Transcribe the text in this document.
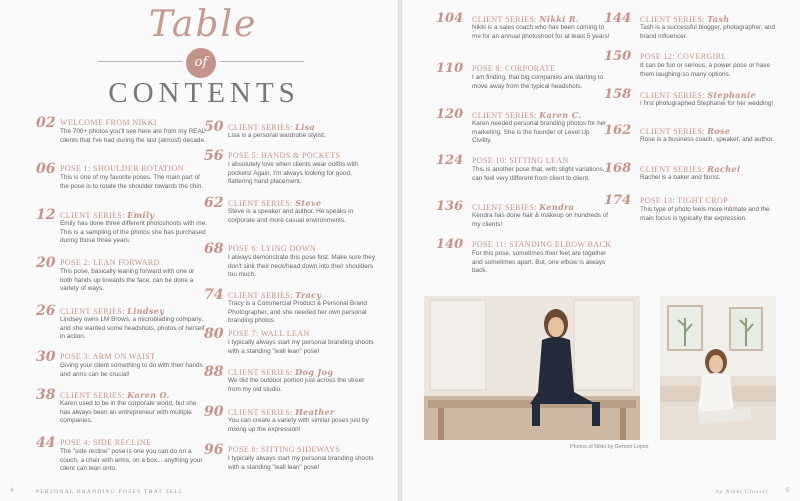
Table
of
CONTENTS
02 WELCOME FROM NIKKI
The 700+ photos you'll see here are from my REAL clients that I've had during the last (almost) decade.
06 POSE 1: SHOULDER ROTATION
This is one of my favorite poses. The main part of the pose is to rotate the shoulder towards the chin.
12 CLIENT SERIES: Emily
Emily has done three different photoshoots with me. This is a sampling of the photos she has purchased during those three years.
20 POSE 2: LEAN FORWARD
This pose, basically leaning forward with one or both hands up towards the face, can be done a variety of ways.
26 CLIENT SERIES: Lindsey
Lindsey owns LM Brows, a microblading company, and she wanted some headshots, photos of herself in action.
30 POSE 3: ARM ON WAIST
Giving your client something to do with their hands and arms can be crucial!
38 CLIENT SERIES: Karen O.
Karen used to be in the corporate world, but she has always been an entrepreneur with multiple companies.
44 POSE 4: SIDE RECLINE
The "side recline" pose is one you can do on a couch, a chair with arms, on a box... anything your client can lean onto.
50 CLIENT SERIES: Lisa
Lisa is a personal wardrobe stylist.
56 POSE 5: HANDS & POCKETS
I absolutely love when clients wear outfits with pockets! Again, I'm always looking for good, flattering hand placement.
62 CLIENT SERIES: Steve
Steve is a speaker and author. He speaks in corporate and more casual environments.
68 POSE 6: LYING DOWN
I always demonstrate this pose first. Make sure they don't sink their neck/head down into their shoulders too much.
74 CLIENT SERIES: Tracy
Tracy is a Commercial Product & Personal Brand Photographer, and she needed her own personal branding photos.
80 POSE 7: WALL LEAN
I typically always start my personal branding shoots with a standing "wall lean" pose!
88 CLIENT SERIES: Dog Jog
We did the outdoor portion just across the street from my old studio.
90 CLIENT SERIES: Heather
You can create a variety with similar poses just by mixing up the expression!
96 POSE 8: SITTING SIDEWAYS
I typically always start my personal branding shoots with a standing "wall lean" pose!
4	PERSONAL BRANDING POSES THAT SELL
104 CLIENT SERIES: Nikki R.
Nikki is a sales coach who has been coming to me for an annual photoshoot for at least 5 years!
110 POSE 9: CORPORATE
I am finding, that big companies are starting to move away from the typical headshots.
120 CLIENT SERIES: Karen C.
Karen needed personal branding photos for her marketing. She is the founder of Level Up Civility.
124 POSE 10: SITTING LEAN
This is another pose that, with slight variations, can feel very different from client to client.
136 CLIENT SERIES: Kendra
Kendra has done hair & makeup on hundreds of my clients!
140 POSE 11: STANDING ELBOW BACK
For this pose, sometimes their feet are together and sometimes apart. But, one elbow is always back.
144 CLIENT SERIES: Tash
Tash is a successful blogger, photographer, and brand influencer.
150 POSE 12: COVERGIRL
It can be fun or serious, a power pose or have them laughing-so many options.
158 CLIENT SERIES: Stephanie
I first photographed Stephanie for her wedding!
162 CLIENT SERIES: Rose
Rose is a business coach, speaker, and author.
168 CLIENT SERIES: Rachel
Rachel is a baker and florist.
174 POSE 13: TIGHT CROP
This type of photo feels more intimate and the main focus is typically the expression.
Photos of Nikki by Gerson Lopes
by Nikki Closser	5
